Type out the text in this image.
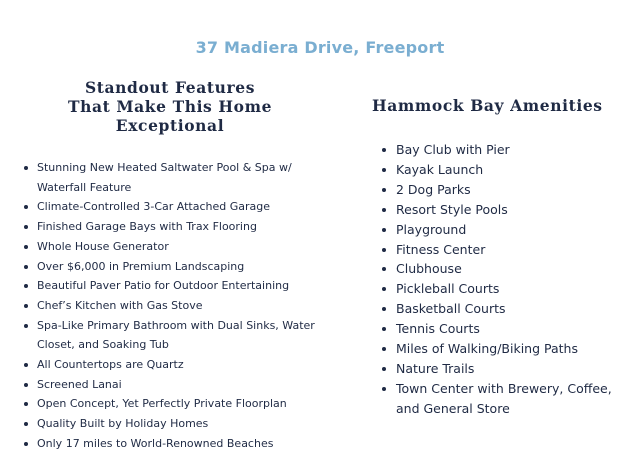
37 Madiera Drive, Freeport
Standout Features
That Make This Home Exceptional
Stunning New Heated Saltwater Pool & Spa w/ Waterfall Feature
Climate-Controlled 3-Car Attached Garage
Finished Garage Bays with Trax Flooring
Whole House Generator
Over $6,000 in Premium Landscaping
Beautiful Paver Patio for Outdoor Entertaining
Chef’s Kitchen with Gas Stove
Spa-Like Primary Bathroom with Dual Sinks, Water Closet, and Soaking Tub
All Countertops are Quartz
Screened Lanai
Open Concept, Yet Perfectly Private Floorplan
Quality Built by Holiday Homes
Only 17 miles to World-Renowned Beaches
Hammock Bay Amenities
Bay Club with Pier
Kayak Launch
2 Dog Parks
Resort Style Pools
Playground
Fitness Center
Clubhouse
Pickleball Courts
Basketball Courts
Tennis Courts
Miles of Walking/Biking Paths
Nature Trails
Town Center with Brewery, Coffee, and General Store
